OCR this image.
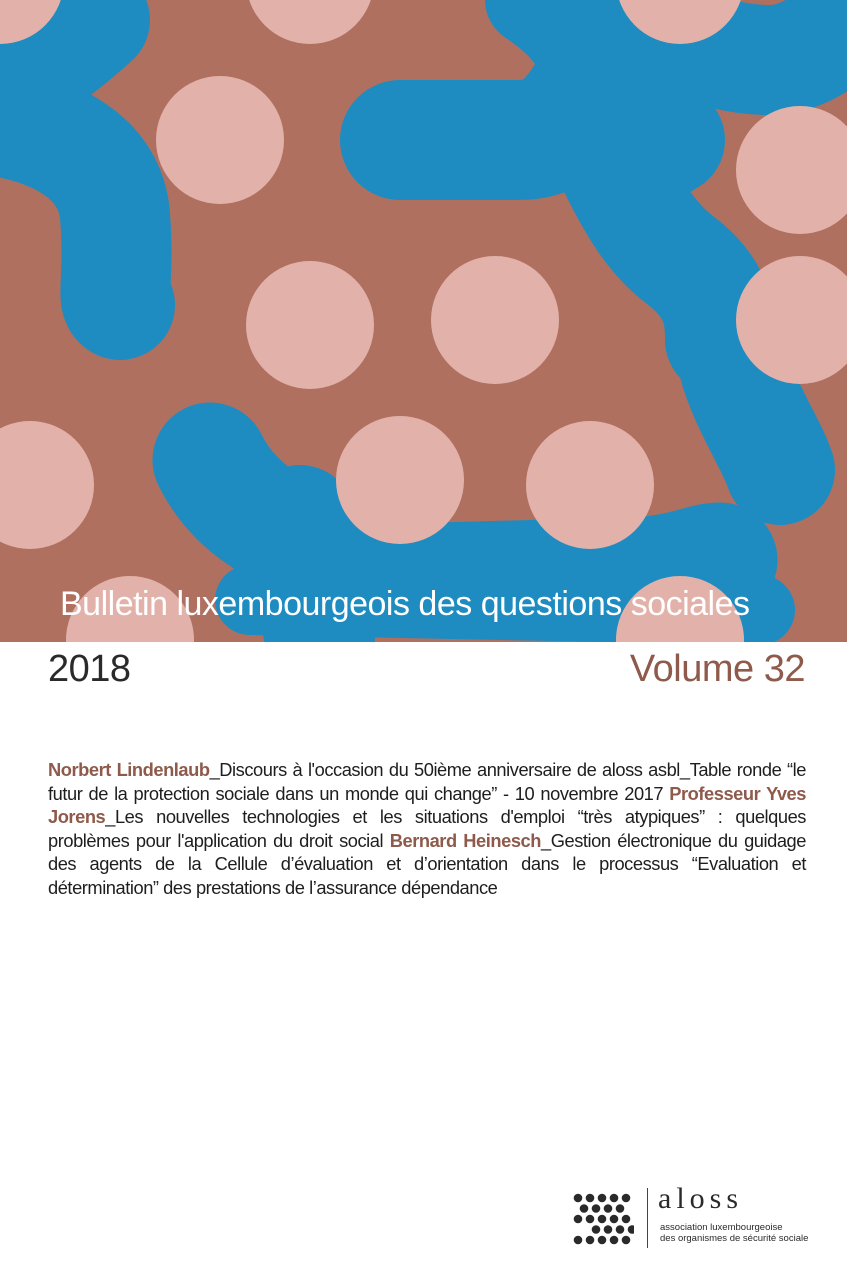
Bulletin luxembourgeois des questions sociales
2018	Volume 32
Norbert Lindenlaub_Discours à l'occasion du 50ième anniversaire de aloss asbl_Table ronde “le futur de la protection sociale dans un monde qui change” - 10 novembre 2017 Professeur Yves Jorens_Les nouvelles technologies et les situations d'emploi “très atypiques” : quelques problèmes pour l'application du droit social Bernard Heinesch_Gestion électronique du guidage des agents de la Cellule d’évaluation et d’orientation dans le processus “Evaluation et détermination” des prestations de l’assurance dépendance
aloss
association luxembourgeoise
des organismes de sécurité sociale
